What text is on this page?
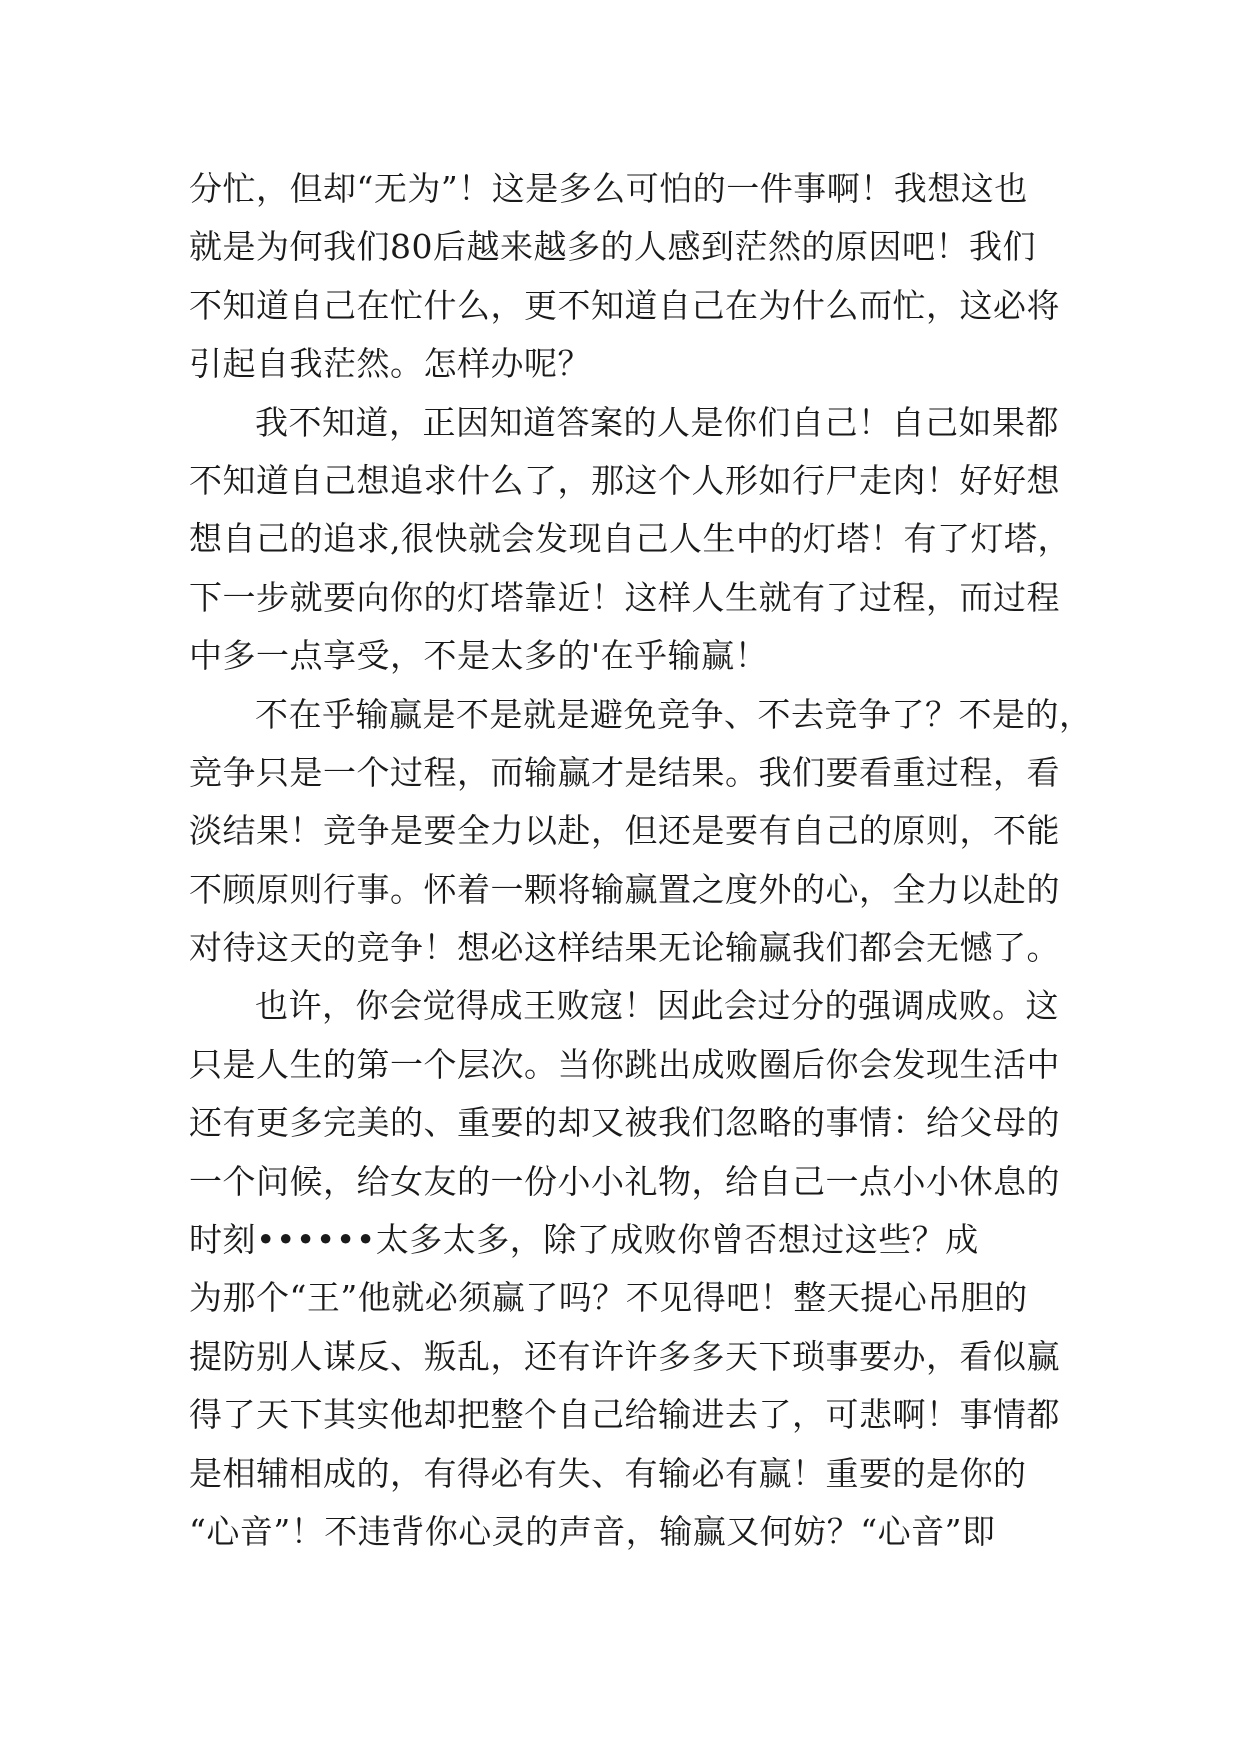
分忙，但却“无为”！这是多么可怕的一件事啊！我想这也
就是为何我们80后越来越多的人感到茫然的原因吧！我们
不知道自己在忙什么，更不知道自己在为什么而忙，这必将
引起自我茫然。怎样办呢？
我不知道，正因知道答案的人是你们自己！自己如果都
不知道自己想追求什么了，那这个人形如行尸走肉！好好想
想自己的追求,很快就会发现自己人生中的灯塔！有了灯塔，
下一步就要向你的灯塔靠近！这样人生就有了过程，而过程
中多一点享受，不是太多的'在乎输赢！
不在乎输赢是不是就是避免竞争、不去竞争了？不是的，
竞争只是一个过程，而输赢才是结果。我们要看重过程，看
淡结果！竞争是要全力以赴，但还是要有自己的原则，不能
不顾原则行事。怀着一颗将输赢置之度外的心，全力以赴的
对待这天的竞争！想必这样结果无论输赢我们都会无憾了。
也许，你会觉得成王败寇！因此会过分的强调成败。这
只是人生的第一个层次。当你跳出成败圈后你会发现生活中
还有更多完美的、重要的却又被我们忽略的事情：给父母的
一个问候，给女友的一份小小礼物，给自己一点小小休息的
时刻••••••太多太多，除了成败你曾否想过这些？成
为那个“王”他就必须赢了吗？不见得吧！整天提心吊胆的
提防别人谋反、叛乱，还有许许多多天下琐事要办，看似赢
得了天下其实他却把整个自己给输进去了，可悲啊！事情都
是相辅相成的，有得必有失、有输必有赢！重要的是你的
“心音”！不违背你心灵的声音，输赢又何妨？“心音”即
